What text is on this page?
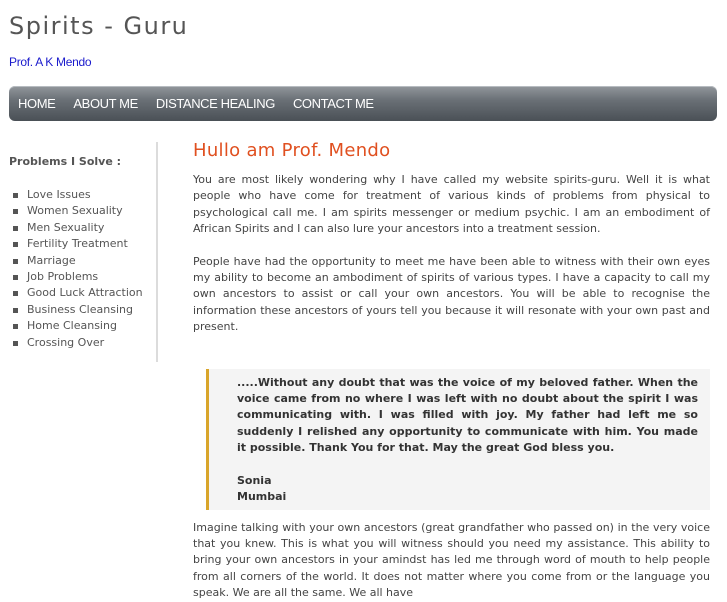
Spirits - Guru
Prof. A K Mendo
HOME	ABOUT ME	DISTANCE HEALING	CONTACT ME
Problems I Solve :
Love Issues
Women Sexuality
Men Sexuality
Fertility Treatment
Marriage
Job Problems
Good Luck Attraction
Business Cleansing
Home Cleansing
Crossing Over
Hullo am Prof. Mendo

You are most likely wondering why I have called my website spirits-guru. Well it is what people who have come for treatment of various kinds of problems from physical to psychological call me. I am spirits messenger or medium psychic. I am an embodiment of African Spirits and I can also lure your ancestors into a treatment session.

People have had the opportunity to meet me have been able to witness with their own eyes my ability to become an ambodiment of spirits of various types. I have a capacity to call my own ancestors to assist or call your own ancestors. You will be able to recognise the information these ancestors of yours tell you because it will resonate with your own past and present.

.....Without any doubt that was the voice of my beloved father. When the voice came from no where I was left with no doubt about the spirit I was communicating with. I was filled with joy. My father had left me so suddenly I relished any opportunity to communicate with him. You made it possible. Thank You for that. May the great God bless you.

Sonia

Mumbai

Imagine talking with your own ancestors (great grandfather who passed on) in the very voice that you knew. This is what you will witness should you need my assistance. This ability to bring your own ancestors in your amindst has led me through word of mouth to help people from all corners of the world. It does not matter where you come from or the language you speak. We are all the same. We all have
